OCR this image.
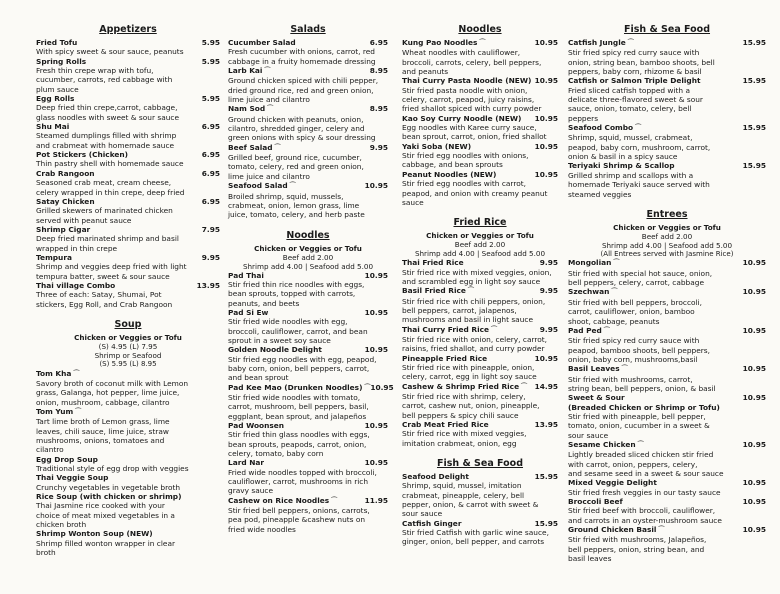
Appetizers
Fried Tofu	5.95
With spicy sweet & sour sauce, peanuts
Spring Rolls	5.95
Fresh thin crepe wrap with tofu,
cucumber, carrots, red cabbage with
plum sauce
Egg Rolls	5.95
Deep fried thin crepe,carrot, cabbage,
glass noodles with sweet & sour sauce
Shu Mai	6.95
Steamed dumplings filled with shrimp
and crabmeat with homemade sauce
Pot Stickers (Chicken)	6.95
Thin pastry shell with homemade sauce
Crab Rangoon	6.95
Seasoned crab meat, cream cheese,
celery wrapped in thin crepe, deep fried
Satay Chicken	6.95
Grilled skewers of marinated chicken
served with peanut sauce
Shrimp Cigar	7.95
Deep fried marinated shrimp and basil
wrapped in thin crepe
Tempura	9.95
Shrimp and veggies deep fried with light
tempura batter, sweet & sour sauce
Thai village Combo	13.95
Three of each: Satay, Shumai, Pot
stickers, Egg Roll, and Crab Rangoon
Soup
Chicken or Veggies or Tofu
(S) 4.95 (L) 7.95
Shrimp or Seafood
(S) 5.95 (L) 8.95
Tom Kha ⁀
Savory broth of coconut milk with Lemon
grass, Galanga, hot pepper, lime juice,
onion, mushroom, cabbage, cilantro
Tom Yum ⁀
Tart lime broth of Lemon grass, lime
leaves, chili sauce, lime juice, straw
mushrooms, onions, tomatoes and
cilantro
Egg Drop Soup
Traditional style of egg drop with veggies
Thai Veggie Soup
Crunchy vegetables in vegetable broth
Rice Soup (with chicken or shrimp)
Thai Jasmine rice cooked with your
choice of meat mixed vegetables in a
chicken broth
Shrimp Wonton Soup (NEW)
Shrimp filled wonton wrapper in clear
broth
Salads
Cucumber Salad	6.95
Fresh cucumber with onions, carrot, red
cabbage in a fruity homemade dressing
Larb Kai ⁀	8.95
Ground chicken spiced with chili pepper,
dried ground rice, red and green onion,
lime juice and cilantro
Nam Sod ⁀	8.95
Ground chicken with peanuts, onion,
cilantro, shredded ginger, celery and
green onions with spicy & sour dressing
Beef Salad ⁀	9.95
Grilled beef, ground rice, cucumber,
tomato, celery, red and green onion,
lime juice and cilantro
Seafood Salad ⁀	10.95
Broiled shrimp, squid, mussels,
crabmeat, onion, lemon grass, lime
juice, tomato, celery, and herb paste
Noodles
Chicken or Veggies or Tofu
Beef add 2.00
Shrimp add 4.00 | Seafood add 5.00
Pad Thai	10.95
Stir fried thin rice noodles with eggs,
bean sprouts, topped with carrots,
peanuts, and beets
Pad Si Ew	10.95
Stir fried wide noodles with egg,
broccoli, cauliflower, carrot, and bean
sprout in a sweet soy sauce
Golden Noodle Delight	10.95
Stir fried egg noodles with egg, peapod,
baby corn, onion, bell peppers, carrot,
and bean sprout
Pad Kee Mao (Drunken Noodles) ⁀ 10.95
Stir fried wide noodles with tomato,
carrot, mushroom, bell peppers, basil,
eggplant, bean sprout, and jalapeños
Pad Woonsen	10.95
Stir fried thin glass noodles with eggs,
bean sprouts, peapods, carrot, onion,
celery, tomato, baby corn
Lard Nar	10.95
Fried wide noodles topped with broccoli,
cauliflower, carrot, mushrooms in rich
gravy sauce
Cashew on Rice Noodles ⁀	11.95
Stir fried bell peppers, onions, carrots,
pea pod, pineapple &cashew nuts on
fried wide noodles
Noodles
Kung Pao Noodles ⁀	10.95
Wheat noodles with cauliflower,
broccoli, carrots, celery, bell peppers,
and peanuts
Thai Curry Pasta Noodle (NEW) 10.95
Stir fried pasta noodle with onion,
celery, carrot, peapod, juicy raisins,
fried shallot spiced with curry powder
Kao Soy Curry Noodle (NEW) 10.95
Egg noodles with Karee curry sauce,
bean sprout, carrot, onion, fried shallot
Yaki Soba (NEW)	10.95
Stir fried egg noodles with onions,
cabbage, and bean sprouts
Peanut Noodles (NEW)	10.95
Stir fried egg noodles with carrot,
peapod, and onion with creamy peanut
sauce
Fried Rice
Chicken or Veggies or Tofu
Beef add 2.00
Shrimp add 4.00 | Seafood add 5.00
Thai Fried Rice	9.95
Stir fried rice with mixed veggies, onion,
and scrambled egg in light soy sauce
Basil Fried Rice ⁀	9.95
Stir fried rice with chili peppers, onion,
bell peppers, carrot, jalapenos,
mushrooms and basil in light sauce
Thai Curry Fried Rice ⁀	9.95
Stir fried rice with onion, celery, carrot,
raisins, fried shallot, and curry powder
Pineapple Fried Rice	10.95
Stir fried rice with pineapple, onion,
celery, carrot, egg in light soy sauce
Cashew & Shrimp Fried Rice ⁀ 14.95
Stir fried rice with shrimp, celery,
carrot, cashew nut, onion, pineapple,
bell peppers & spicy chili sauce
Crab Meat Fried Rice	13.95
Stir fried rice with mixed veggies,
imitation crabmeat, onion, egg
Fish & Sea Food
Seafood Delight	15.95
Shrimp, squid, mussel, imitation
crabmeat, pineapple, celery, bell
pepper, onion, & carrot with sweet &
sour sauce
Catfish Ginger	15.95
Stir fried Catfish with garlic wine sauce,
ginger, onion, bell pepper, and carrots
Fish & Sea Food
Catfish Jungle ⁀	15.95
Stir fried spicy red curry sauce with
onion, string bean, bamboo shoots, bell
peppers, baby corn, rhizome & basil
Catfish or Salmon Triple Delight	15.95
Fried sliced catfish topped with a
delicate three-flavored sweet & sour
sauce, onion, tomato, celery, bell
peppers
Seafood Combo ⁀	15.95
Shrimp, squid, mussel, crabmeat,
peapod, baby corn, mushroom, carrot,
onion & basil in a spicy sauce
Teriyaki Shrimp & Scallop	15.95
Grilled shrimp and scallops with a
homemade Teriyaki sauce served with
steamed veggies
Entrees
Chicken or Veggies or Tofu
Beef add 2.00
Shrimp add 4.00 | Seafood add 5.00
(All Entrees served with Jasmine Rice)
Mongolian ⁀	10.95
Stir fried with special hot sauce, onion,
bell peppers, celery, carrot, cabbage
Szechwan ⁀	10.95
Stir fried with bell peppers, broccoli,
carrot, cauliflower, onion, bamboo
shoot, cabbage, peanuts
Pad Ped ⁀	10.95
Stir fried spicy red curry sauce with
peapod, bamboo shoots, bell peppers,
onion, baby corn, mushrooms,basil
Basil Leaves ⁀	10.95
Stir fried with mushrooms, carrot,
string bean, bell peppers, onion, & basil
Sweet & Sour	10.95
(Breaded Chicken or Shrimp or Tofu)
Stir fried with pineapple, bell pepper,
tomato, onion, cucumber in a sweet &
sour sauce
Sesame Chicken ⁀	10.95
Lightly breaded sliced chicken stir fried
with carrot, onion, peppers, celery,
and sesame seed in a sweet & sour sauce
Mixed Veggie Delight	10.95
Stir fried fresh veggies in our tasty sauce
Broccoli Beef	10.95
Stir fried beef with broccoli, cauliflower,
and carrots in an oyster-mushroom sauce
Ground Chicken Basil ⁀	10.95
Stir fried with mushrooms, Jalapeños,
bell peppers, onion, string bean, and
basil leaves
